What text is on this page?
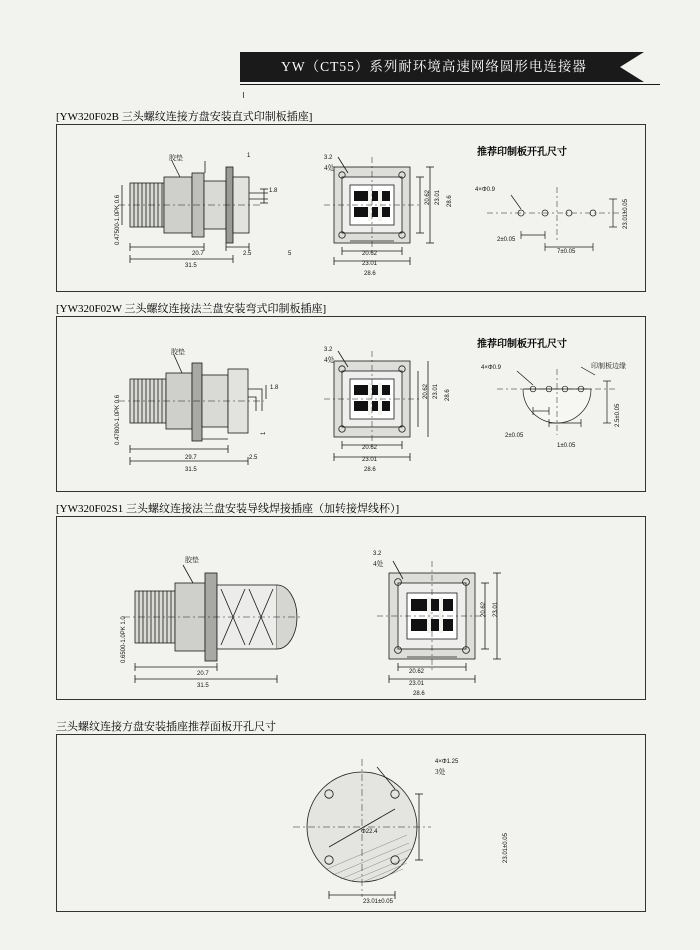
YW（CT55）系列耐环境高速网络圆形电连接器
[YW320F02B 三头螺纹连接方盘安装直式印制板插座]
推荐印制板开孔尺寸
胶垫	1
0.47500-1.0PK 0.6
20.7
31.5
2.5	5
1.8
3.2
4处
20.62
23.01
28.6
20.62 23.01 28.6
4×Φ0.9
2±0.05
7±0.05
23.01±0.05
[YW320F02W 三头螺纹连接法兰盘安装弯式印制板插座]
推荐印制板开孔尺寸
胶垫
0.47800-1.0PK 0.6
29.7
31.5
2.5
1.8
1
3.2
4处
20.62
23.01
28.6
20.62 23.01 28.6
印制板边缘
4×Φ0.9
2±0.05
1±0.05
2.5±0.05
[YW320F02S1 三头螺纹连接法兰盘安装导线焊接插座（加转接焊线杯）]
胶垫
0.6500-1.0PK 1.0
20.7
31.5
3.2
4处
20.62
23.01
28.6
20.62 23.01
三头螺纹连接方盘安装插座推荐面板开孔尺寸
4×Φ1.25
3处
Φ22.4
23.01±0.05
23.01±0.05
